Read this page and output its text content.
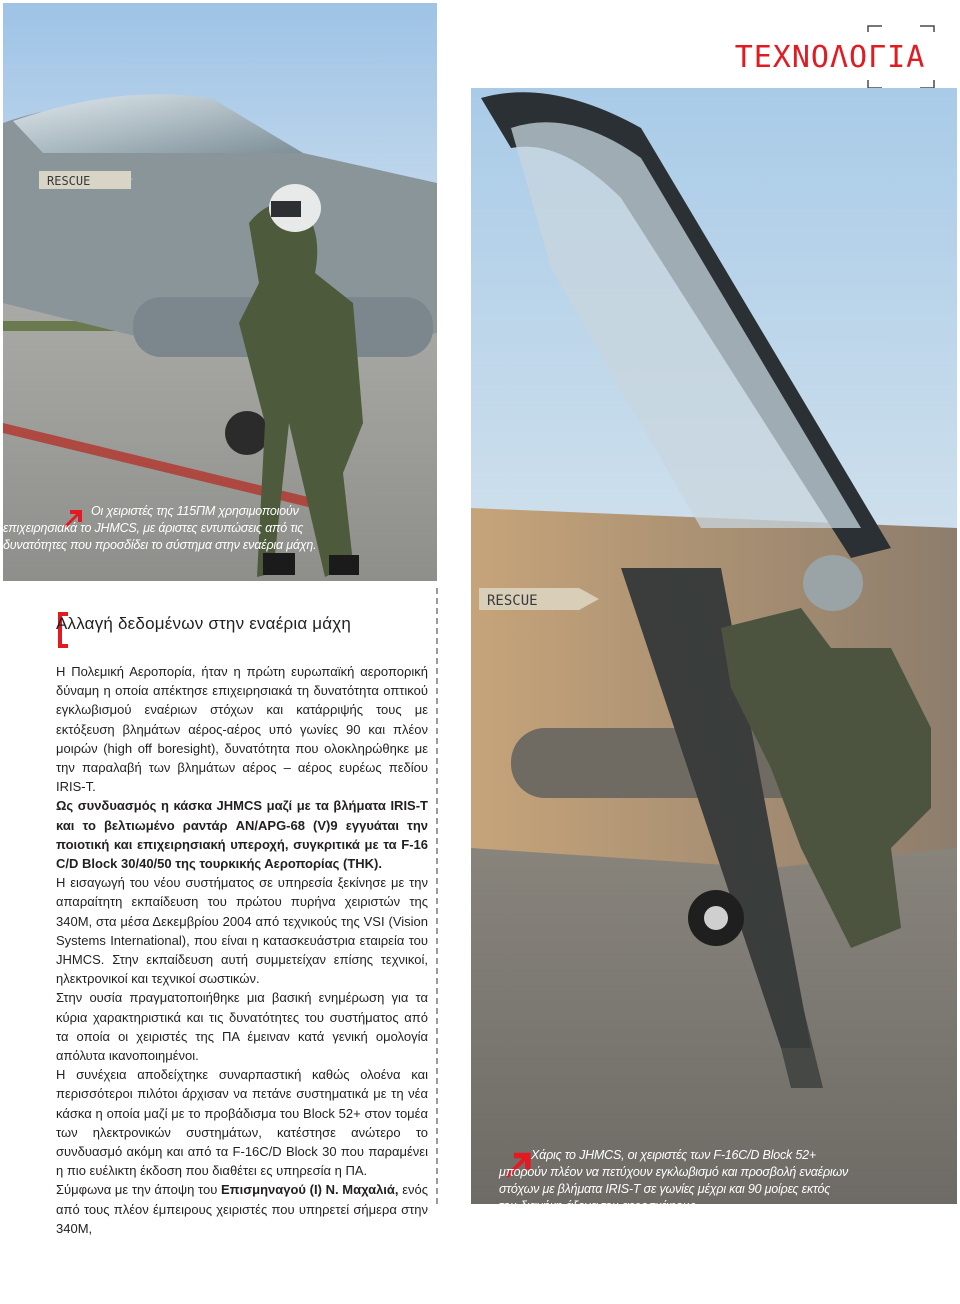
RESCUE
Οι χειριστές της 115ΠΜ χρησιμοποιούν επιχειρησιακά το JHMCS, με άριστες εντυπώσεις από τις δυνατότητες που προσδίδει το σύστημα στην εναέρια μάχη.
ΤΕΧΝΟΛΟΓΙΑ
RESCUE
Χάρις το JHMCS, οι χειριστές των F-16C/D Block 52+ μπορούν πλέον να πετύχουν εγκλωβισμό και προσβολή εναέριων στόχων με βλήματα IRIS-T σε γωνίες μέχρι και 90 μοίρες εκτός του διαμήκη άξονα του αεροσκάφους.
Αλλαγή δεδομένων στην εναέρια μάχη

Η Πολεμική Αεροπορία, ήταν η πρώτη ευρωπαϊκή αεροπορική δύναμη η οποία απέκτησε επιχειρησιακά τη δυνατότητα οπτικού εγκλωβισμού εναέριων στόχων και κατάρριψής τους με εκτόξευση βλημάτων αέρος-αέρος υπό γωνίες 90 και πλέον μοιρών (high off boresight), δυνατότητα που ολοκληρώθηκε με την παραλαβή των βλημάτων αέρος – αέρος ευρέως πεδίου IRIS-T.

Ως συνδυασμός η κάσκα JHMCS μαζί με τα βλήματα IRIS-T και το βελτιωμένο ραντάρ AN/APG-68 (V)9 εγγυάται την ποιοτική και επιχειρησιακή υπεροχή, συγκριτικά με τα F-16 C/D Block 30/40/50 της τουρκικής Αεροπορίας (THK).

Η εισαγωγή του νέου συστήματος σε υπηρεσία ξεκίνησε με την απαραίτητη εκπαίδευση του πρώτου πυρήνα χειριστών της 340Μ, στα μέσα Δεκεμβρίου 2004 από τεχνικούς της VSI (Vision Systems International), που είναι η κατασκευάστρια εταιρεία του JHMCS. Στην εκπαίδευση αυτή συμμετείχαν επίσης τεχνικοί, ηλεκτρονικοί και τεχνικοί σωστικών.

Στην ουσία πραγματοποιήθηκε μια βασική ενημέρωση για τα κύρια χαρακτηριστικά και τις δυνατότητες του συστήματος από τα οποία οι χειριστές της ΠΑ έμειναν κατά γενική ομολογία απόλυτα ικανοποιημένοι.

Η συνέχεια αποδείχτηκε συναρπαστική καθώς ολοένα και περισσότεροι πιλότοι άρχισαν να πετάνε συστηματικά με τη νέα κάσκα η οποία μαζί με το προβάδισμα του Block 52+ στον τομέα των ηλεκτρονικών συστημάτων, κατέστησε ανώτερο το συνδυασμό ακόμη και από τα F-16C/D Block 30 που παραμένει η πιο ευέλικτη έκδοση που διαθέτει ες υπηρεσία η ΠΑ.

Σύμφωνα με την άποψη του Επισμηναγού (Ι) Ν. Μαχαλιά, ενός από τους πλέον έμπειρους χειριστές που υπηρετεί σήμερα στην 340Μ,
